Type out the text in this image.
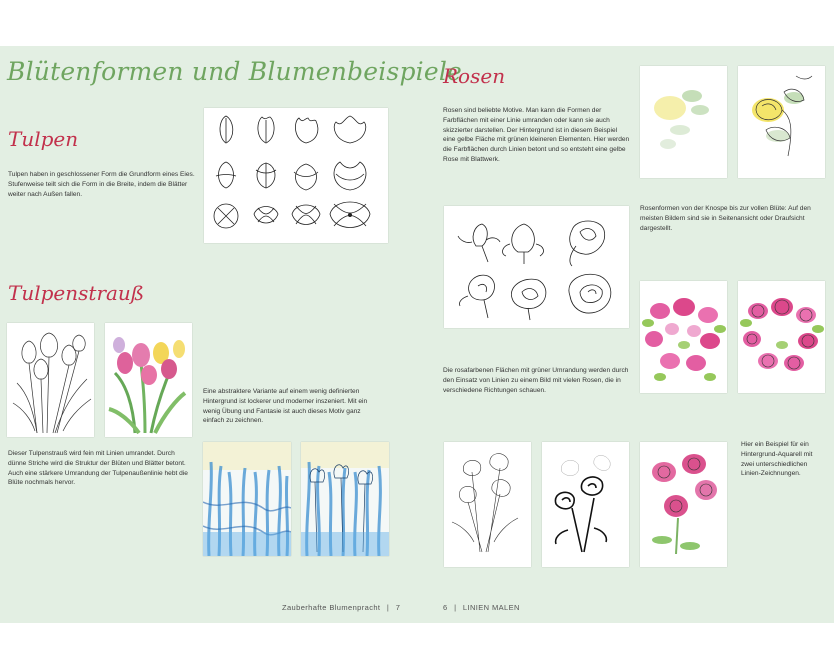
Blütenformen und Blumenbeispiele
Tulpen
Tulpen haben in geschlossener Form die Grundform eines Eies. Stufenweise teilt sich die Form in die Breite, indem die Blätter weiter nach Außen fallen.
Tulpenstrauß
Eine abstraktere Variante auf einem wenig definierten Hintergrund ist lockerer und moderner inszeniert. Mit ein wenig Übung und Fantasie ist auch dieses Motiv ganz einfach zu zeichnen.
Dieser Tulpenstrauß wird fein mit Linien umrandet. Durch dünne Striche wird die Struktur der Blüten und Blätter betont. Auch eine stärkere Umrandung der Tulpenaußenlinie hebt die Blüte nochmals hervor.
Zauberhafte Blumenpracht | 7
Rosen
Rosen sind beliebte Motive. Man kann die Formen der Farbflächen mit einer Linie umranden oder kann sie auch skizzierter darstellen. Der Hintergrund ist in diesem Beispiel eine gelbe Fläche mit grünen kleineren Elementen. Hier werden die Farbflächen durch Linien betont und so entsteht eine gelbe Rose mit Blattwerk.
Rosenformen von der Knospe bis zur vollen Blüte: Auf den meisten Bildern sind sie in Seitenansicht oder Draufsicht dargestellt.
Die rosafarbenen Flächen mit grüner Umrandung werden durch den Einsatz von Linien zu einem Bild mit vielen Rosen, die in verschiedene Richtungen schauen.
Hier ein Beispiel für ein Hintergrund-Aquarell mit zwei unterschiedlichen Linien-Zeichnungen.
6 | LINIEN MALEN
